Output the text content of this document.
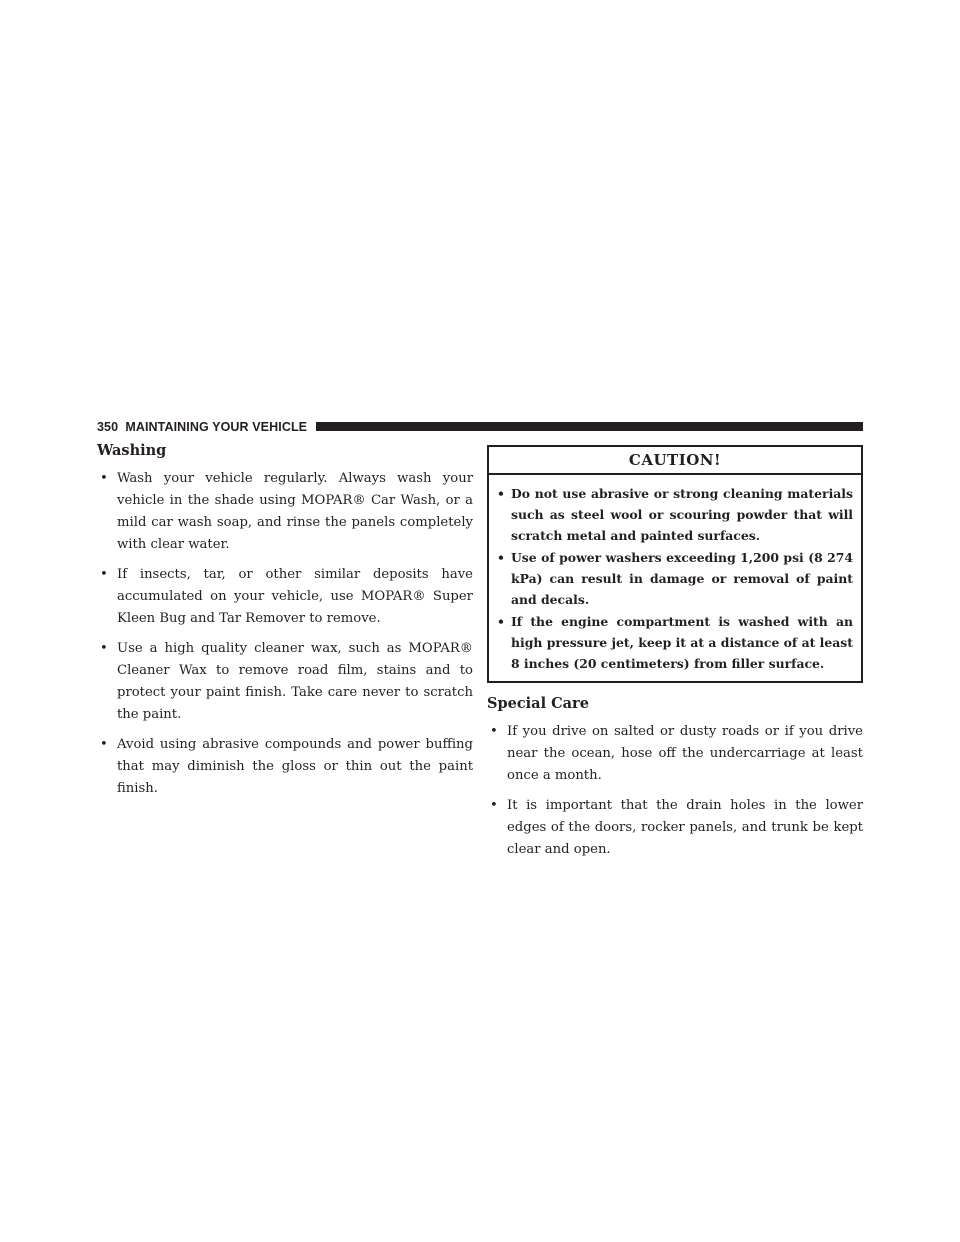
350 MAINTAINING YOUR VEHICLE
Washing
• Wash your vehicle regularly. Always wash your vehicle in the shade using MOPAR® Car Wash, or a mild car wash soap, and rinse the panels completely with clear water.
• If insects, tar, or other similar deposits have accumulated on your vehicle, use MOPAR® Super Kleen Bug and Tar Remover to remove.
• Use a high quality cleaner wax, such as MOPAR® Cleaner Wax to remove road film, stains and to protect your paint finish. Take care never to scratch the paint.
• Avoid using abrasive compounds and power buffing that may diminish the gloss or thin out the paint finish.
CAUTION!
• Do not use abrasive or strong cleaning materials such as steel wool or scouring powder that will scratch metal and painted surfaces.
• Use of power washers exceeding 1,200 psi (8 274 kPa) can result in damage or removal of paint and decals.
• If the engine compartment is washed with an high pressure jet, keep it at a distance of at least 8 inches (20 centimeters) from filler surface.
Special Care
• If you drive on salted or dusty roads or if you drive near the ocean, hose off the undercarriage at least once a month.
• It is important that the drain holes in the lower edges of the doors, rocker panels, and trunk be kept clear and open.
